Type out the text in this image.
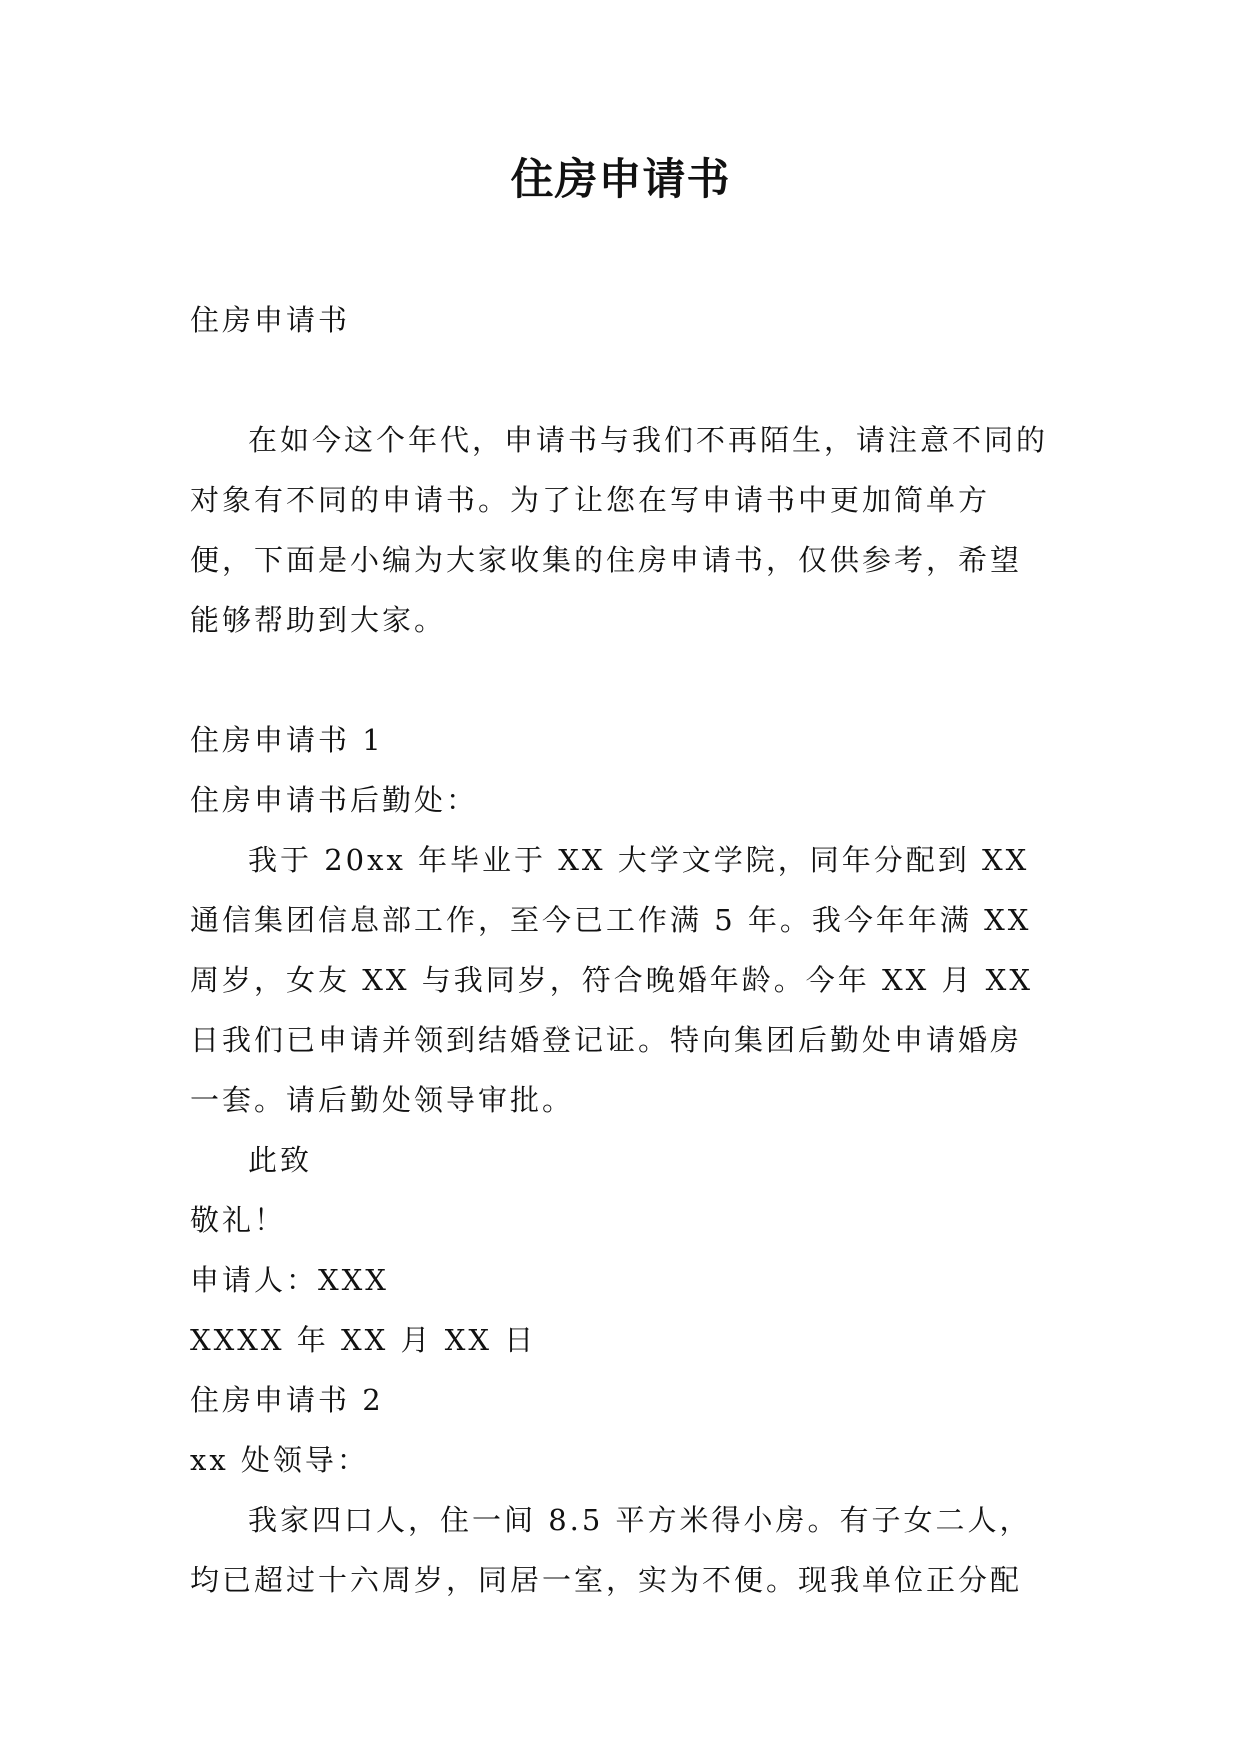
住房申请书

住房申请书

在如今这个年代，申请书与我们不再陌生，请注意不同的对象有不同的申请书。为了让您在写申请书中更加简单方便，下面是小编为大家收集的住房申请书，仅供参考，希望能够帮助到大家。

住房申请书 1

住房申请书后勤处：

我于 20xx 年毕业于 XX 大学文学院，同年分配到 XX 通信集团信息部工作，至今已工作满 5 年。我今年年满 XX 周岁，女友 XX 与我同岁，符合晚婚年龄。今年 XX 月 XX 日我们已申请并领到结婚登记证。特向集团后勤处申请婚房一套。请后勤处领导审批。

此致

敬礼！

申请人：XXX

XXXX 年 XX 月 XX 日

住房申请书 2

xx 处领导：

我家四口人，住一间 8.5 平方米得小房。有子女二人，均已超过十六周岁，同居一室，实为不便。现我单位正分配
